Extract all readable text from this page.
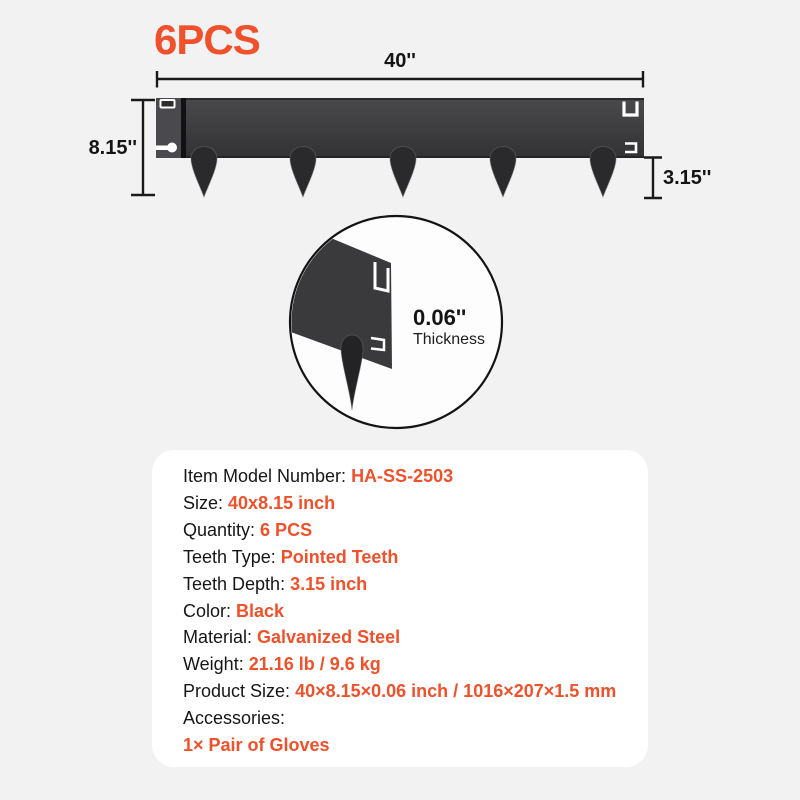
6PCS	40''
8.15''
3.15''
0.06''
Thickness
Item Model Number: HA-SS-2503
Size: 40x8.15 inch
Quantity: 6 PCS
Teeth Type: Pointed Teeth
Teeth Depth: 3.15 inch
Color: Black
Material: Galvanized Steel
Weight: 21.16 lb / 9.6 kg
Product Size: 40×8.15×0.06 inch / 1016×207×1.5 mm
Accessories:
1× Pair of Gloves
